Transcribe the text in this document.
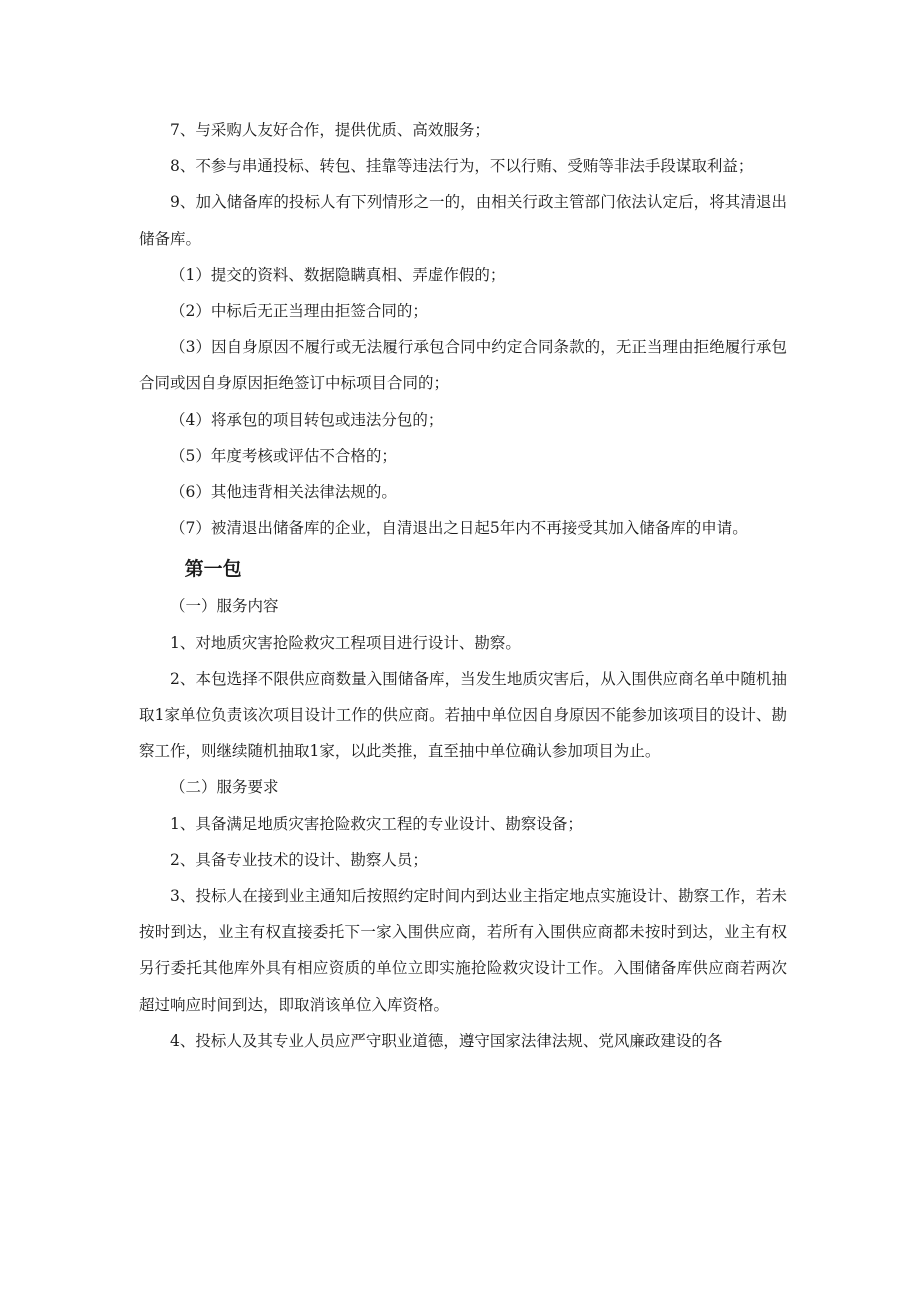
7、与采购人友好合作，提供优质、高效服务；

8、不参与串通投标、转包、挂靠等违法行为，不以行贿、受贿等非法手段谋取利益；

9、加入储备库的投标人有下列情形之一的，由相关行政主管部门依法认定后，将其清退出储备库。

（1）提交的资料、数据隐瞒真相、弄虚作假的；

（2）中标后无正当理由拒签合同的；

（3）因自身原因不履行或无法履行承包合同中约定合同条款的，无正当理由拒绝履行承包合同或因自身原因拒绝签订中标项目合同的；

（4）将承包的项目转包或违法分包的；

（5）年度考核或评估不合格的；

（6）其他违背相关法律法规的。

（7）被清退出储备库的企业，自清退出之日起5年内不再接受其加入储备库的申请。

第一包

（一）服务内容

1、对地质灾害抢险救灾工程项目进行设计、勘察。

2、本包选择不限供应商数量入围储备库，当发生地质灾害后，从入围供应商名单中随机抽取1家单位负责该次项目设计工作的供应商。若抽中单位因自身原因不能参加该项目的设计、勘察工作，则继续随机抽取1家，以此类推，直至抽中单位确认参加项目为止。

（二）服务要求

1、具备满足地质灾害抢险救灾工程的专业设计、勘察设备；

2、具备专业技术的设计、勘察人员；

3、投标人在接到业主通知后按照约定时间内到达业主指定地点实施设计、勘察工作，若未按时到达，业主有权直接委托下一家入围供应商，若所有入围供应商都未按时到达，业主有权另行委托其他库外具有相应资质的单位立即实施抢险救灾设计工作。入围储备库供应商若两次超过响应时间到达，即取消该单位入库资格。

4、投标人及其专业人员应严守职业道德，遵守国家法律法规、党风廉政建设的各
